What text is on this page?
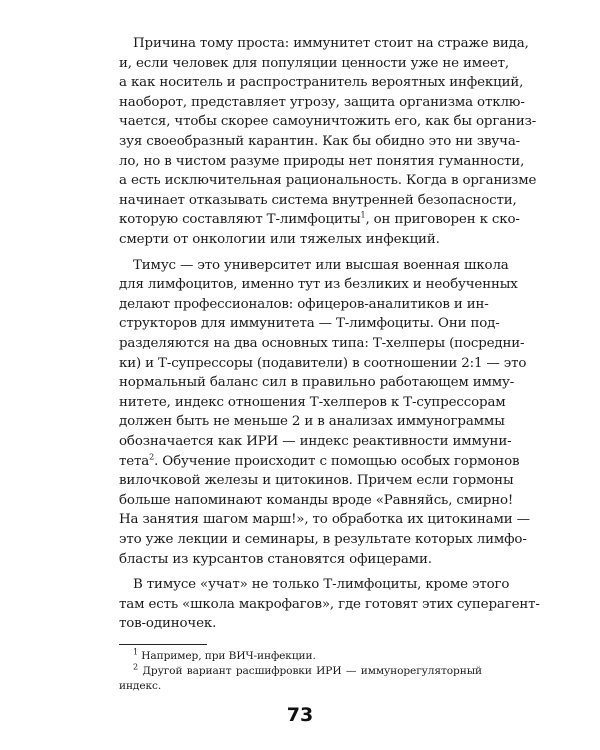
Причина тому проста: иммунитет стоит на страже вида,
и, если человек для популяции ценности уже не имеет,
а как носитель и распространитель вероятных инфекций,
наоборот, представляет угрозу, защита организма отклю-
чается, чтобы скорее самоуничтожить его, как бы организ-
зуя своеобразный карантин. Как бы обидно это ни звуча-
ло, но в чистом разуме природы нет понятия гуманности,
а есть исключительная рациональность. Когда в организме
начинает отказывать система внутренней безопасности,
которую составляют Т-лимфоциты$^1$, он приговорен к ско-
смерти от онкологии или тяжелых инфекций.
Тимус — это университет или высшая военная школа
для лимфоцитов, именно тут из безликих и необученных
делают профессионалов: офицеров-аналитиков и ин-
структоров для иммунитета — Т-лимфоциты. Они под-
разделяются на два основных типа: Т-хелперы (посредни-
ки) и Т-супрессоры (подавители) в соотношении 2:1 — это
нормальный баланс сил в правильно работающем имму-
нитете, индекс отношения Т-хелперов к Т-супрессорам
должен быть не меньше 2 и в анализах иммунограммы
обозначается как ИРИ — индекс реактивности иммуни-
тета$^2$. Обучение происходит с помощью особых гормонов
вилочковой железы и цитокинов. Причем если гормоны
больше напоминают команды вроде «Равняйсь, смирно!
На занятия шагом марш!», то обработка их цитокинами —
это уже лекции и семинары, в результате которых лимфо-
бласты из курсантов становятся офицерами.
В тимусе «учат» не только Т-лимфоциты, кроме этого
там есть «школа макрофагов», где готовят этих суперагент-
тов-одиночек.
$^1$ Например, при ВИЧ-инфекции.
$^2$ Другой вариант расшифровки ИРИ — иммунорегуляторный
индекс.
73
